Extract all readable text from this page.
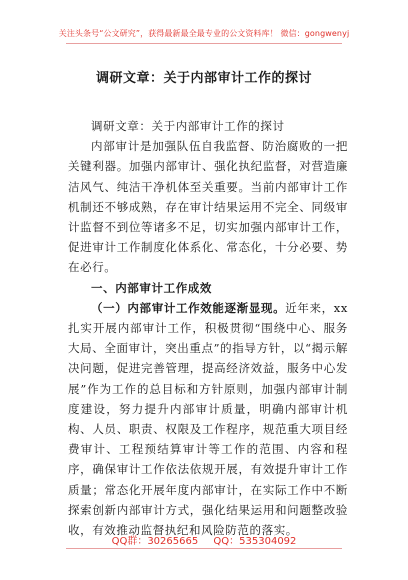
关注头条号“公文研究”，获得最新最全最专业的公文资料库！ 微信：gongwenyj
调研文章：关于内部审计工作的探讨

调研文章：关于内部审计工作的探讨

内部审计是加强队伍自我监督、防治腐败的一把关键利器。加强内部审计、强化执纪监督，对营造廉洁风气、纯洁干净机体至关重要。当前内部审计工作机制还不够成熟，存在审计结果运用不完全、同级审计监督不到位等诸多不足，切实加强内部审计工作，促进审计工作制度化体系化、常态化，十分必要、势在必行。

一、内部审计工作成效

（一）内部审计工作效能逐渐显现。近年来，xx扎实开展内部审计工作，积极贯彻“围绕中心、服务大局、全面审计，突出重点”的指导方针，以“揭示解决问题，促进完善管理，提高经济效益，服务中心发展”作为工作的总目标和方针原则，加强内部审计制度建设，努力提升内部审计质量，明确内部审计机构、人员、职责、权限及工作程序，规范重大项目经费审计、工程预结算审计等工作的范围、内容和程序，确保审计工作依法依规开展，有效提升审计工作质量；常态化开展年度内部审计，在实际工作中不断探索创新内部审计方式，强化结果运用和问题整改验收，有效推动监督执纪和风险防范的落实。

QQ群：30265665 QQ：535304092
